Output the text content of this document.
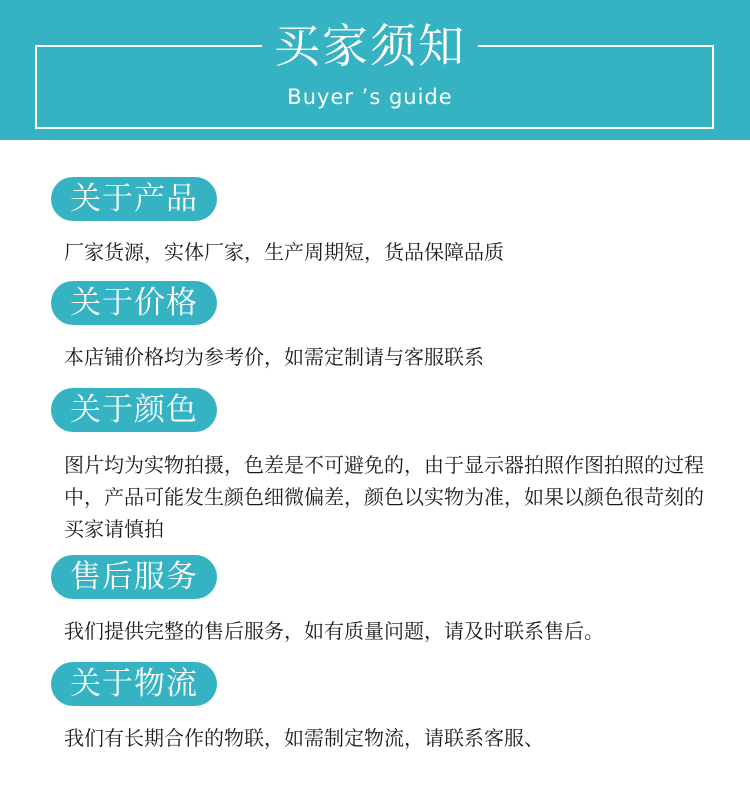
买家须知
Buyer ’s guide
关于产品
厂家货源，实体厂家，生产周期短，货品保障品质
关于价格
本店铺价格均为参考价，如需定制请与客服联系
关于颜色
图片均为实物拍摄，色差是不可避免的，由于显示器拍照作图拍照的过程中，产品可能发生颜色细微偏差，颜色以实物为准，如果以颜色很苛刻的买家请慎拍
售后服务
我们提供完整的售后服务，如有质量问题，请及时联系售后。
关于物流
我们有长期合作的物联，如需制定物流，请联系客服、
